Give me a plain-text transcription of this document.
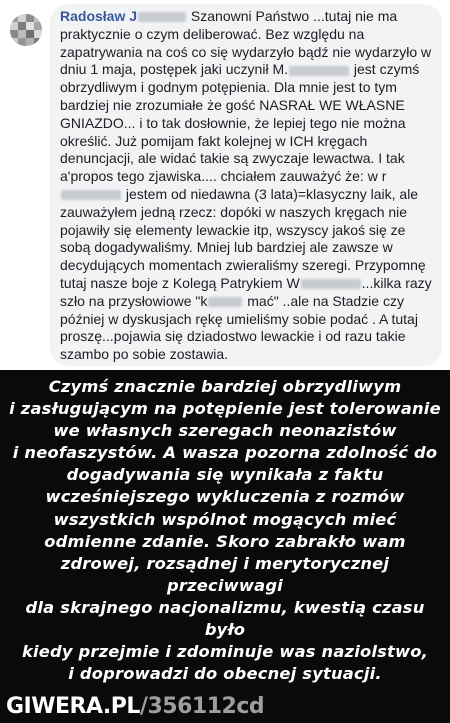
Radosław J	Szanowni Państwo ...tutaj nie ma praktycznie o czym deliberować. Bez względu na zapatrywania na coś co się wydarzyło bądź nie wydarzyło w dniu 1 maja, postępek jaki uczynił M.	jest czymś obrzydliwym i godnym potępienia. Dla mnie jest to tym bardziej nie zrozumiałe że gość NASRAŁ WE WŁASNE GNIAZDO... i to tak dosłownie, że lepiej tego nie można określić. Już pomijam fakt kolejnej w ICH kręgach denuncjacji, ale widać takie są zwyczaje lewactwa. I tak a'propos tego zjawiska.... chciałem zauważyć że: w r jestem od niedawna (3 lata)=klasyczny laik, ale zauważyłem jedną rzecz: dopóki w naszych kręgach nie pojawiły się elementy lewackie itp, wszyscy jakoś się ze sobą dogadywaliśmy. Mniej lub bardziej ale zawsze w decydujących momentach zwieraliśmy szeregi. Przypomnę tutaj nasze boje z Kolegą Patrykiem W	...kilka razy szło na przysłowiowe "k	mać" ..ale na Stadzie czy później w dyskusjach rękę umieliśmy sobie podać . A tutaj proszę...pojawia się dziadostwo lewackie i od razu takie szambo po sobie zostawia.
Czymś znacznie bardziej obrzydliwym
i zasługującym na potępienie jest tolerowanie
we własnych szeregach neonazistów
i neofaszystów. A wasza pozorna zdolność do
dogadywania się wynikała z faktu
wcześniejszego wykluczenia z rozmów
wszystkich wspólnot mogących mieć
odmienne zdanie. Skoro zabrakło wam
zdrowej, rozsądnej i merytorycznej przeciwwagi
dla skrajnego nacjonalizmu, kwestią czasu było
kiedy przejmie i zdominuje was naziolstwo,
i doprowadzi do obecnej sytuacji.
GIWERA.PL/356112cd
